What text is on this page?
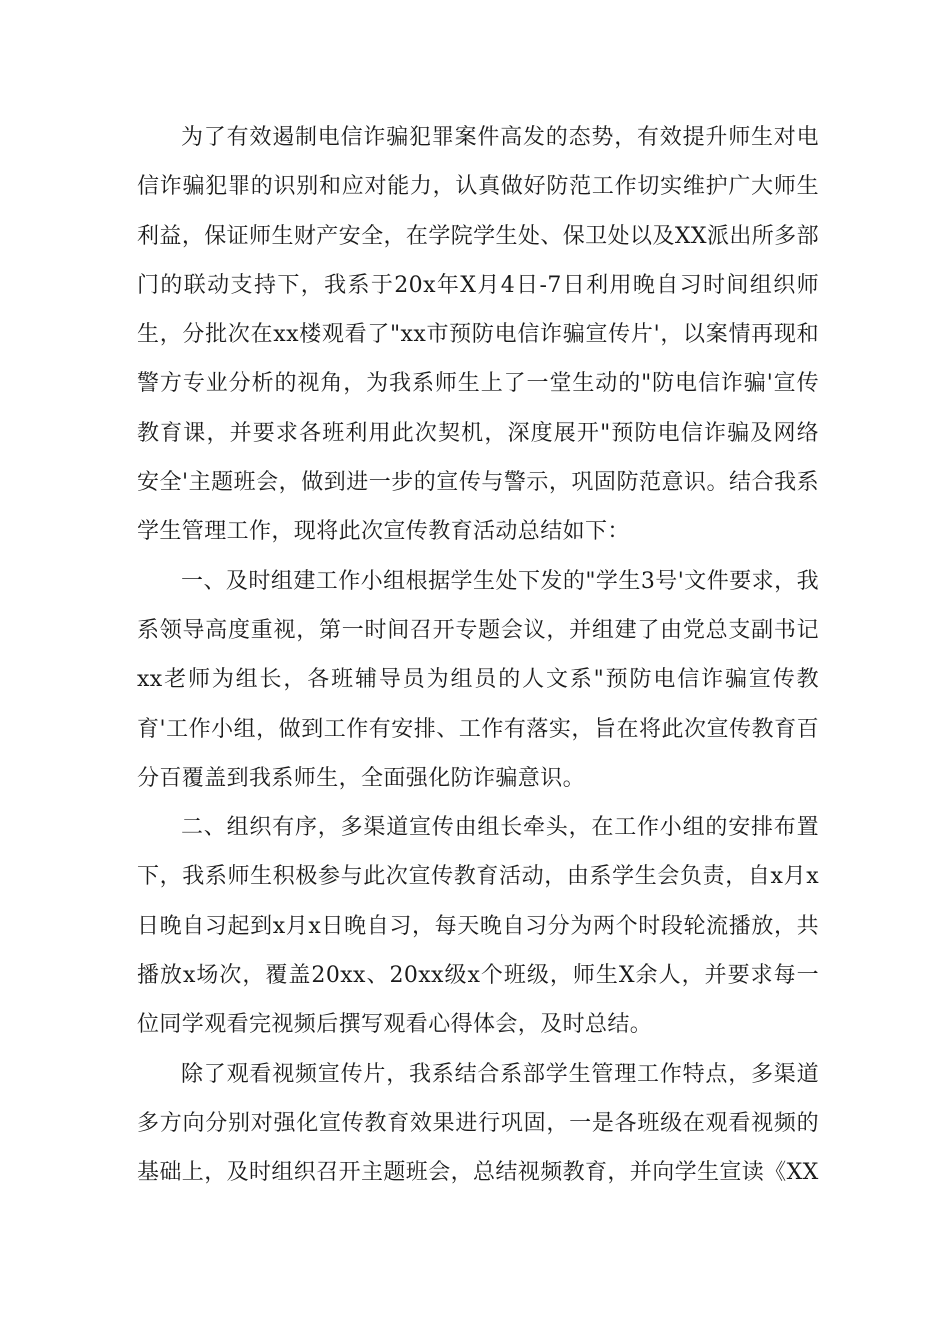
为了有效遏制电信诈骗犯罪案件高发的态势，有效提升师生对电信诈骗犯罪的识别和应对能力，认真做好防范工作切实维护广大师生利益，保证师生财产安全，在学院学生处、保卫处以及XX派出所多部门的联动支持下，我系于20x年X月4日-7日利用晚自习时间组织师生，分批次在xx楼观看了"xx市预防电信诈骗宣传片'，以案情再现和警方专业分析的视角，为我系师生上了一堂生动的"防电信诈骗'宣传教育课，并要求各班利用此次契机，深度展开"预防电信诈骗及网络安全'主题班会，做到进一步的宣传与警示，巩固防范意识。结合我系学生管理工作，现将此次宣传教育活动总结如下：

一、及时组建工作小组根据学生处下发的"学生3号'文件要求，我系领导高度重视，第一时间召开专题会议，并组建了由党总支副书记xx老师为组长，各班辅导员为组员的人文系"预防电信诈骗宣传教育'工作小组，做到工作有安排、工作有落实，旨在将此次宣传教育百分百覆盖到我系师生，全面强化防诈骗意识。

二、组织有序，多渠道宣传由组长牵头，在工作小组的安排布置下，我系师生积极参与此次宣传教育活动，由系学生会负责，自x月x日晚自习起到x月x日晚自习，每天晚自习分为两个时段轮流播放，共播放x场次，覆盖20xx、20xx级x个班级，师生X余人，并要求每一位同学观看完视频后撰写观看心得体会，及时总结。

除了观看视频宣传片，我系结合系部学生管理工作特点，多渠道多方向分别对强化宣传教育效果进行巩固，一是各班级在观看视频的基础上，及时组织召开主题班会，总结视频教育，并向学生宣读《XX
